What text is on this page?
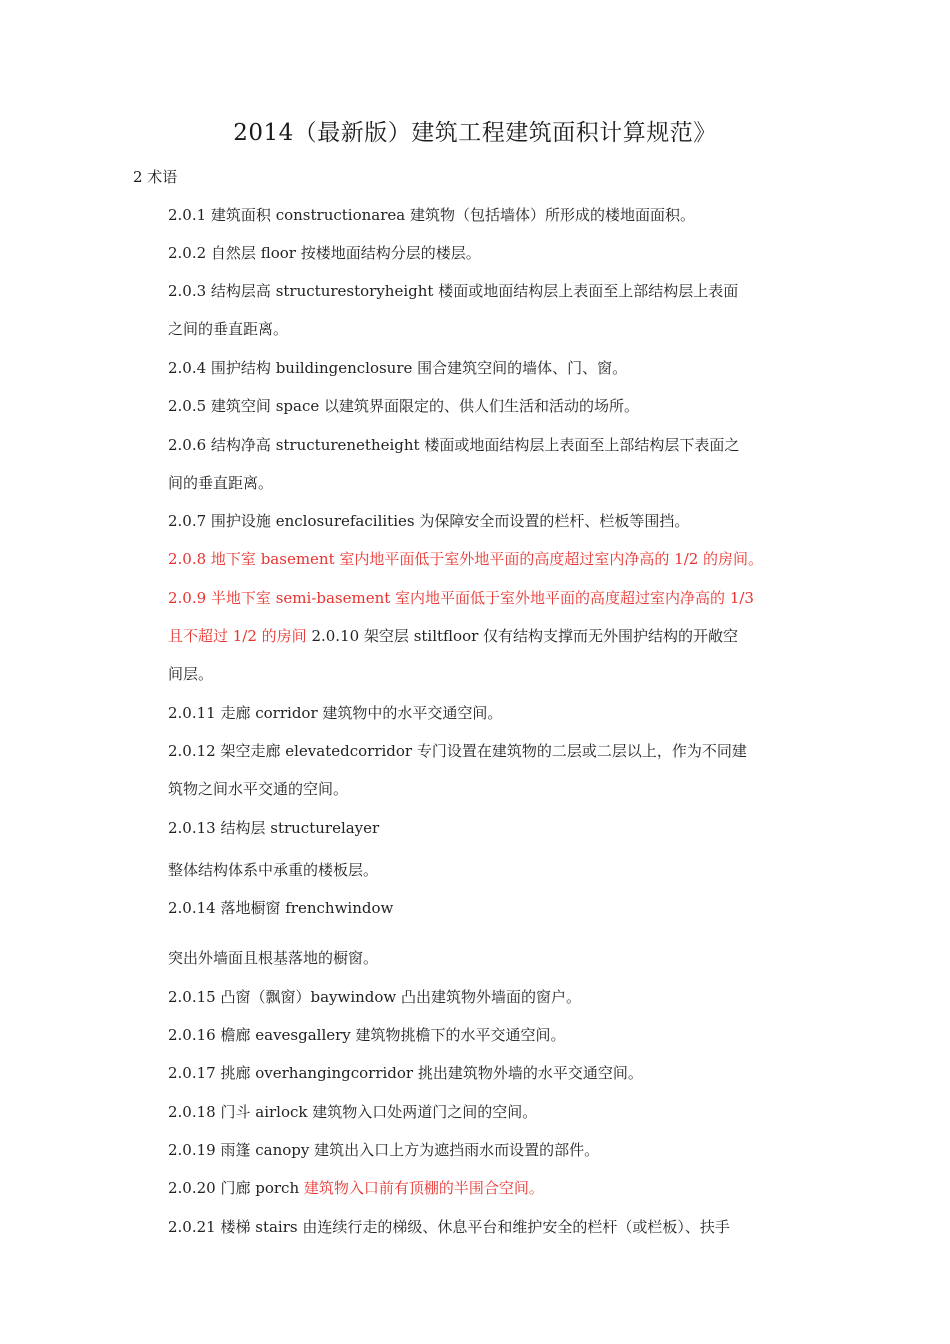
2014（最新版）建筑工程建筑面积计算规范》
2 术语
2.0.1 建筑面积 constructionarea 建筑物（包括墙体）所形成的楼地面面积。
2.0.2 自然层 floor 按楼地面结构分层的楼层。
2.0.3 结构层高 structurestoryheight 楼面或地面结构层上表面至上部结构层上表面
之间的垂直距离。
2.0.4 围护结构 buildingenclosure 围合建筑空间的墙体、门、窗。
2.0.5 建筑空间 space 以建筑界面限定的、供人们生活和活动的场所。
2.0.6 结构净高 structurenetheight 楼面或地面结构层上表面至上部结构层下表面之
间的垂直距离。
2.0.7 围护设施 enclosurefacilities 为保障安全而设置的栏杆、栏板等围挡。
2.0.8 地下室 basement 室内地平面低于室外地平面的高度超过室内净高的 1/2 的房间。
2.0.9 半地下室 semi-basement 室内地平面低于室外地平面的高度超过室内净高的 1/3
且不超过 1/2 的房间 2.0.10 架空层 stiltfloor 仅有结构支撑而无外围护结构的开敞空
间层。
2.0.11 走廊 corridor 建筑物中的水平交通空间。
2.0.12 架空走廊 elevatedcorridor 专门设置在建筑物的二层或二层以上，作为不同建
筑物之间水平交通的空间。
2.0.13 结构层 structurelayer
整体结构体系中承重的楼板层。
2.0.14 落地橱窗 frenchwindow
突出外墙面且根基落地的橱窗。
2.0.15 凸窗（飘窗）baywindow 凸出建筑物外墙面的窗户。
2.0.16 檐廊 eavesgallery 建筑物挑檐下的水平交通空间。
2.0.17 挑廊 overhangingcorridor 挑出建筑物外墙的水平交通空间。
2.0.18 门斗 airlock 建筑物入口处两道门之间的空间。
2.0.19 雨篷 canopy 建筑出入口上方为遮挡雨水而设置的部件。
2.0.20 门廊 porch 建筑物入口前有顶棚的半围合空间。
2.0.21 楼梯 stairs 由连续行走的梯级、休息平台和维护安全的栏杆（或栏板）、扶手
